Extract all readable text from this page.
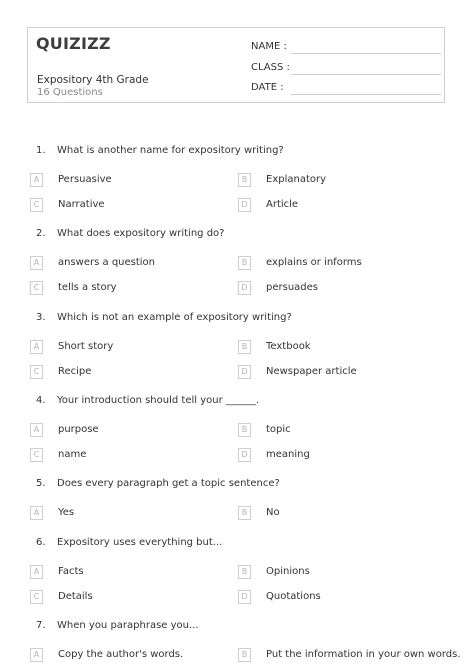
QUIZIZZ
Expository 4th Grade
16 Questions
NAME :
CLASS :
DATE :
1. What is another name for expository writing?
A	Persuasive	B	Explanatory
C	Narrative	D	Article
2. What does expository writing do?
A	answers a question	B	explains or informs
C	tells a story	D	persuades
3. Which is not an example of expository writing?
A	Short story	B	Textbook
C	Recipe	D	Newspaper article
4. Your introduction should tell your ______.
A	purpose	B	topic
C	name	D	meaning
5. Does every paragraph get a topic sentence?
A	Yes	B	No
6. Expository uses everything but...
A	Facts	B	Opinions
C	Details	D	Quotations
7. When you paraphrase you...
A	Copy the author's words.	B	Put the information in your own words.
